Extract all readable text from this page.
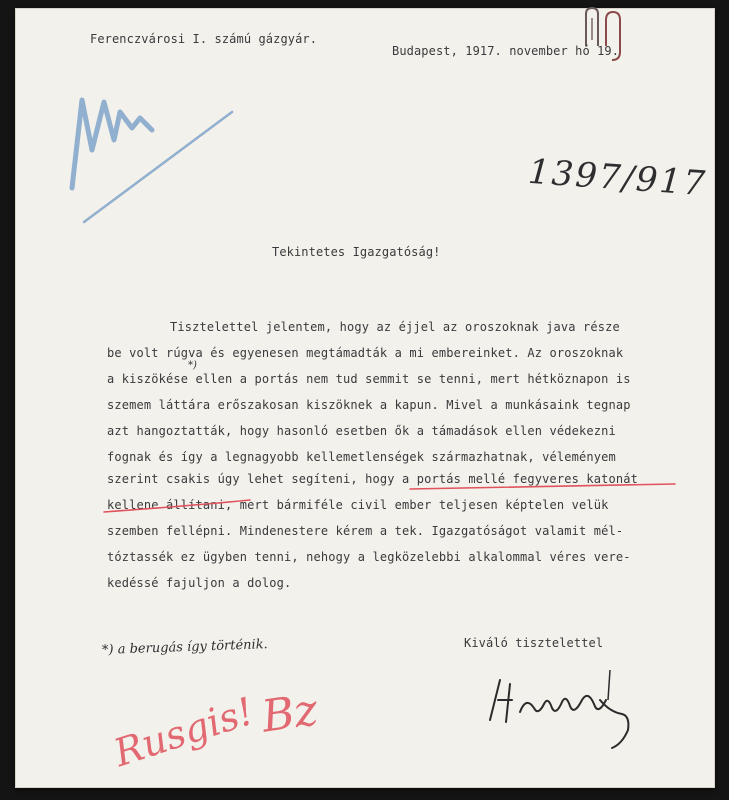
Ferenczvárosi I. számú gázgyár.
Budapest, 1917. november hó 19.
1397/917
Tekintetes Igazgatóság!
Tisztelettel jelentem, hogy az éjjel az oroszoknak java része
be volt rúgva és egyenesen megtámadták a mi embereinket. Az oroszoknak
a kiszökése ellen a portás nem tud semmit se tenni, mert hétköznapon is
szemem láttára erőszakosan kiszöknek a kapun. Mivel a munkásaink tegnap
azt hangoztatták, hogy hasonló esetben ők a támadások ellen védekezni
fognak és így a legnagyobb kellemetlenségek származhatnak, véleményem
szerint csakis úgy lehet segíteni, hogy a portás mellé fegyveres katonát
kellene állítani, mert bármiféle civil ember teljesen képtelen velük
szemben fellépni. Mindenestere kérem a tek. Igazgatóságot valamit mél-
tóztassék ez ügyben tenni, nehogy a legközelebbi alkalommal véres vere-
kedéssé fajuljon a dolog.
*)
Kiváló tisztelettel
*) a berugás így történik.
Rusgis! Bz
